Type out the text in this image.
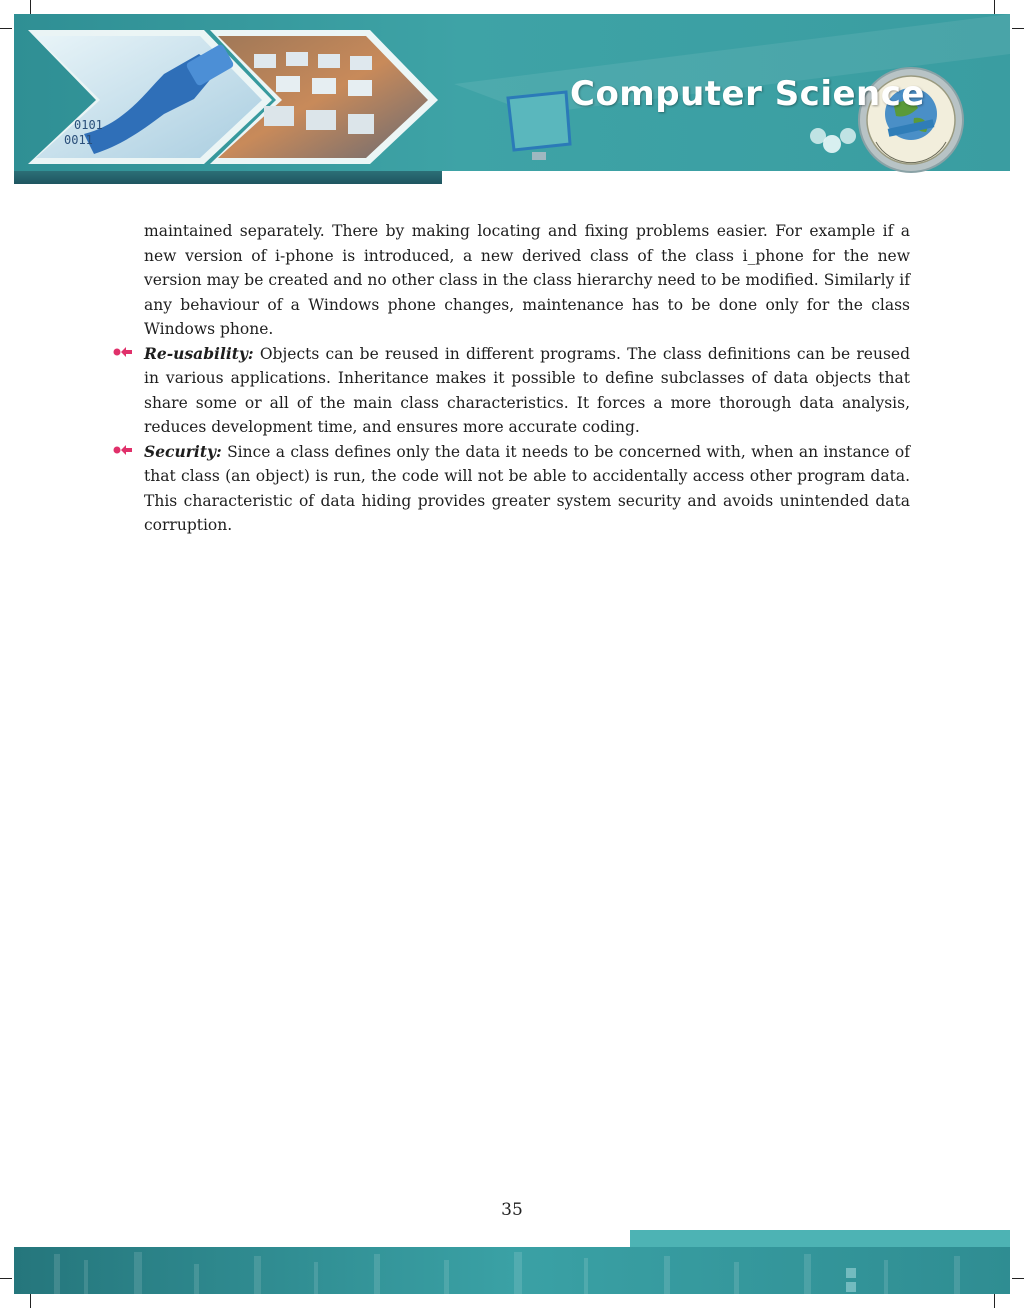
0101
0011
Computer Science

maintained separately. There by making locating and fixing problems easier. For example if a new version of i-phone is introduced, a new derived class of the class i_phone for the new version may be created and no other class in the class hierarchy need to be modified. Similarly if any behaviour of a Windows phone changes, maintenance has to be done only for the class Windows phone.

Re-usability: Objects can be reused in different programs. The class definitions can be reused in various applications. Inheritance makes it possible to define subclasses of data objects that share some or all of the main class characteristics. It forces a more thorough data analysis, reduces development time, and ensures more accurate coding.

Security: Since a class defines only the data it needs to be concerned with, when an instance of that class (an object) is run, the code will not be able to accidentally access other program data. This characteristic of data hiding provides greater system security and avoids unintended data corruption.

35
